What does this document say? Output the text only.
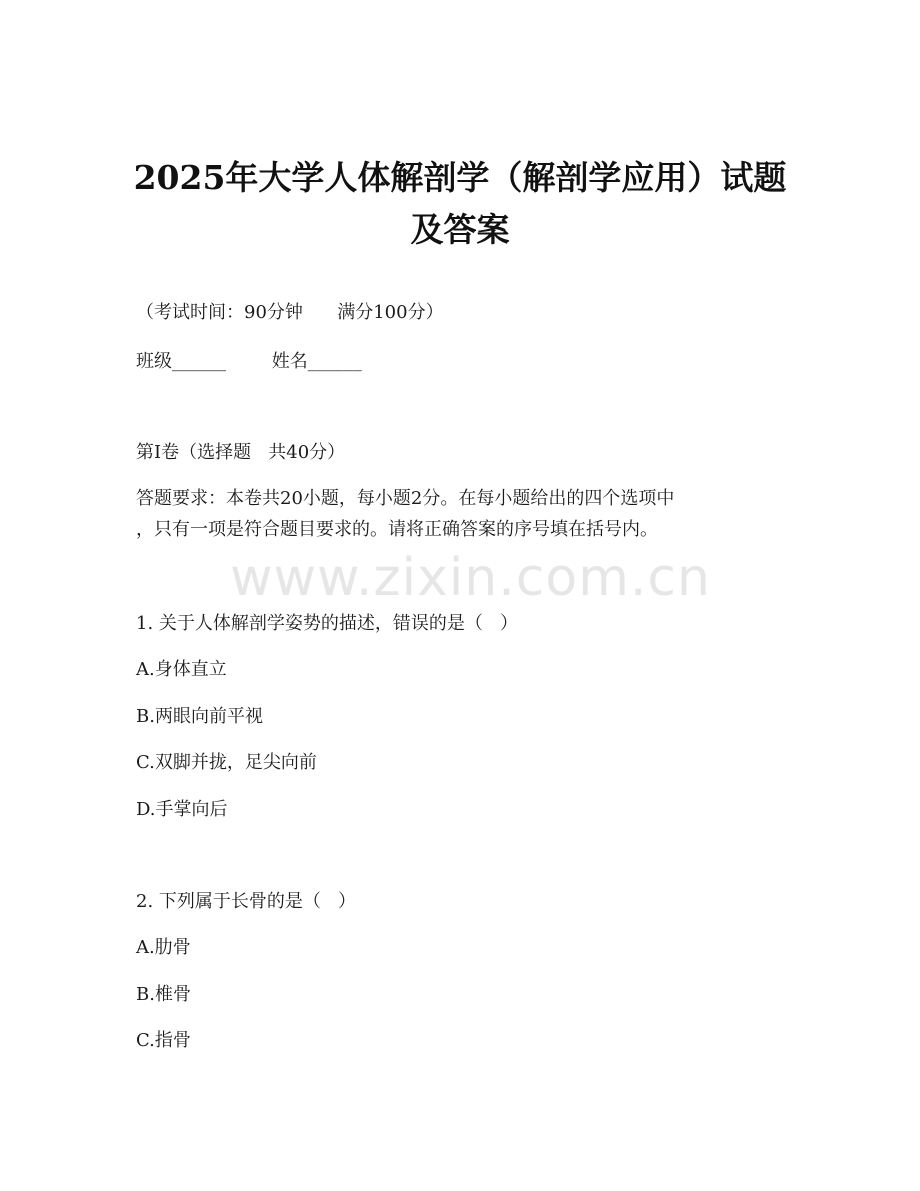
2025年大学人体解剖学（解剖学应用）试题
及答案
（考试时间：90分钟      满分100分）
班级______        姓名______
第I卷（选择题   共40分）
答题要求：本卷共20小题，每小题2分。在每小题给出的四个选项中
，只有一项是符合题目要求的。请将正确答案的序号填在括号内。
www.zixin.com.cn
1. 关于人体解剖学姿势的描述，错误的是（   ）
A.身体直立
B.两眼向前平视
C.双脚并拢，足尖向前
D.手掌向后
2. 下列属于长骨的是（   ）
A.肋骨
B.椎骨
C.指骨
